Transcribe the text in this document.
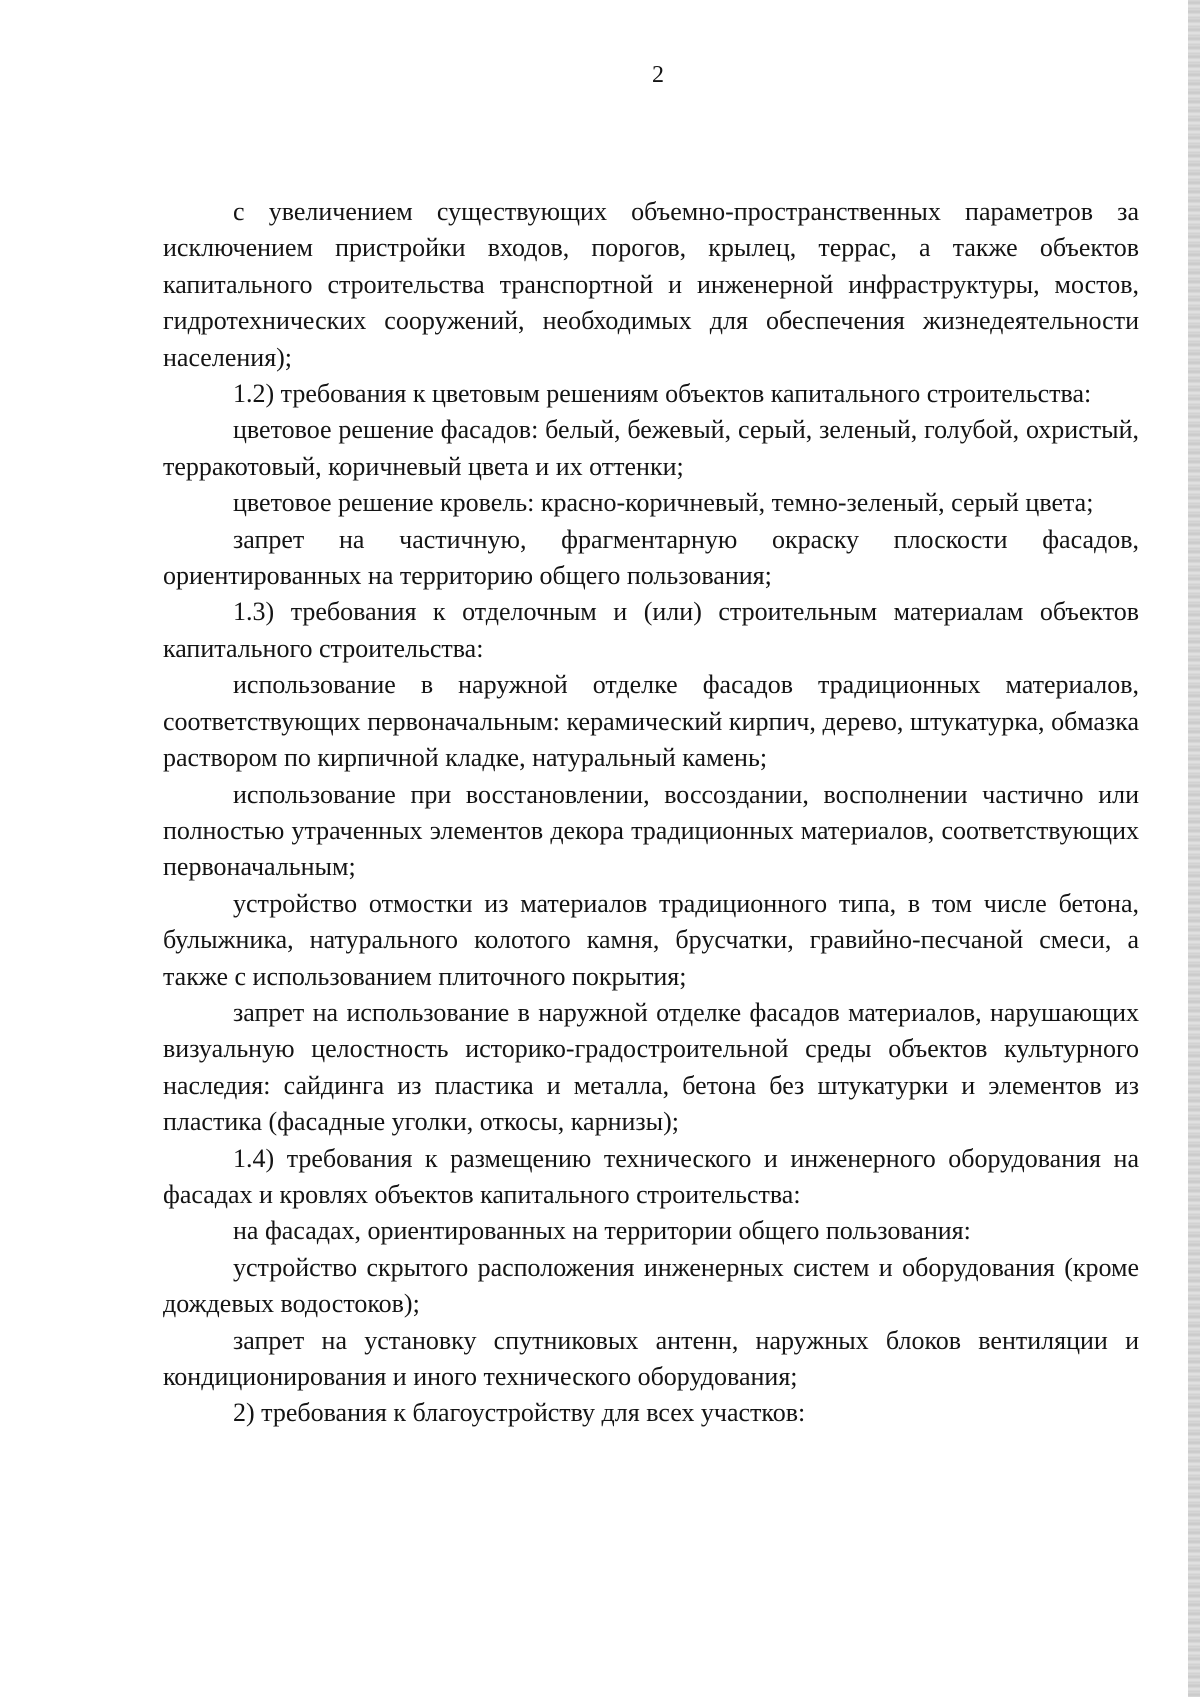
2

с увеличением существующих объемно-пространственных параметров за исключением пристройки входов, порогов, крылец, террас, а также объектов капитального строительства транспортной и инженерной инфраструктуры, мостов, гидротехнических сооружений, необходимых для обеспечения жизнедеятельности населения);

1.2) требования к цветовым решениям объектов капитального строительства:

цветовое решение фасадов: белый, бежевый, серый, зеленый, голубой, охристый, терракотовый, коричневый цвета и их оттенки;

цветовое решение кровель: красно-коричневый, темно-зеленый, серый цвета;

запрет на частичную, фрагментарную окраску плоскости фасадов, ориентированных на территорию общего пользования;

1.3) требования к отделочным и (или) строительным материалам объектов капитального строительства:

использование в наружной отделке фасадов традиционных материалов, соответствующих первоначальным: керамический кирпич, дерево, штукатурка, обмазка раствором по кирпичной кладке, натуральный камень;

использование при восстановлении, воссоздании, восполнении частично или полностью утраченных элементов декора традиционных материалов, соответствующих первоначальным;

устройство отмостки из материалов традиционного типа, в том числе бетона, булыжника, натурального колотого камня, брусчатки, гравийно-песчаной смеси, а также с использованием плиточного покрытия;

запрет на использование в наружной отделке фасадов материалов, нарушающих визуальную целостность историко-градостроительной среды объектов культурного наследия: сайдинга из пластика и металла, бетона без штукатурки и элементов из пластика (фасадные уголки, откосы, карнизы);

1.4) требования к размещению технического и инженерного оборудования на фасадах и кровлях объектов капитального строительства:

на фасадах, ориентированных на территории общего пользования:

устройство скрытого расположения инженерных систем и оборудования (кроме дождевых водостоков);

запрет на установку спутниковых антенн, наружных блоков вентиляции и кондиционирования и иного технического оборудования;

2) требования к благоустройству для всех участков:
